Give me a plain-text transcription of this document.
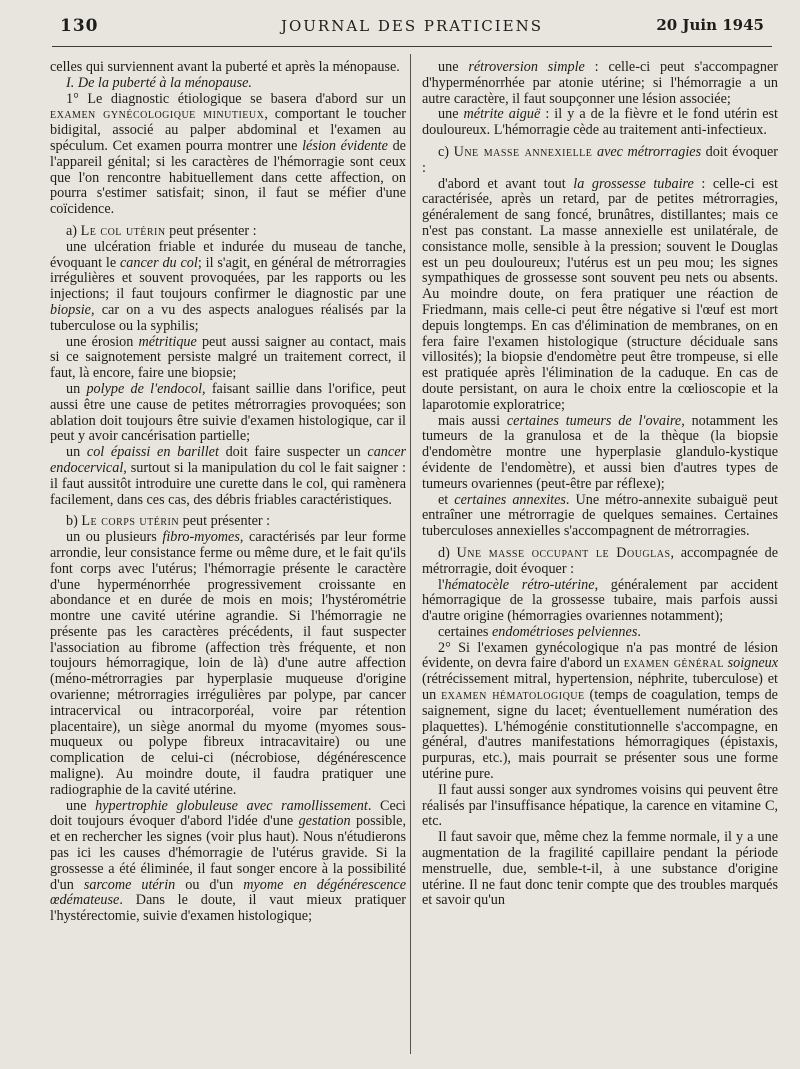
130	JOURNAL DES PRATICIENS	20 Juin 1945

celles qui surviennent avant la puberté et après la ménopause.

I. De la puberté à la ménopause.

1° Le diagnostic étiologique se basera d'abord sur un examen gynécologique minutieux, comportant le toucher bidigital, associé au palper abdominal et l'examen au spéculum. Cet examen pourra montrer une lésion évidente de l'appareil génital; si les caractères de l'hémorragie sont ceux que l'on rencontre habituellement dans cette affection, on pourra s'estimer satisfait; sinon, il faut se méfier d'une coïcidence.

a) Le col utérin peut présenter :

une ulcération friable et indurée du museau de tanche, évoquant le cancer du col; il s'agit, en général de métrorragies irrégulières et souvent provoquées, par les rapports ou les injections; il faut toujours confirmer le diagnostic par une biopsie, car on a vu des aspects analogues réalisés par la tuberculose ou la syphilis;

une érosion métritique peut aussi saigner au contact, mais si ce saignotement persiste malgré un traitement correct, il faut, là encore, faire une biopsie;

un polype de l'endocol, faisant saillie dans l'orifice, peut aussi être une cause de petites métrorragies provoquées; son ablation doit toujours être suivie d'examen histologique, car il peut y avoir cancérisation partielle;

un col épaissi en barillet doit faire suspecter un cancer endocervical, surtout si la manipulation du col le fait saigner : il faut aussitôt introduire une curette dans le col, qui ramènera facilement, dans ces cas, des débris friables caractéristiques.

b) Le corps utérin peut présenter :

un ou plusieurs fibro-myomes, caractérisés par leur forme arrondie, leur consistance ferme ou même dure, et le fait qu'ils font corps avec l'utérus; l'hémorragie présente le caractère d'une hyperménorrhée progressivement croissante en abondance et en durée de mois en mois; l'hystérométrie montre une cavité utérine agrandie. Si l'hémorragie ne présente pas les caractères précédents, il faut suspecter l'association au fibrome (affection très fréquente, et non toujours hémorragique, loin de là) d'une autre affection (méno-métrorragies par hyperplasie muqueuse d'origine ovarienne; métrorragies irrégulières par polype, par cancer intracervical ou intracorporéal, voire par rétention placentaire), un siège anormal du myome (myomes sous-muqueux ou polype fibreux intracavitaire) ou une complication de celui-ci (nécrobiose, dégénérescence maligne). Au moindre doute, il faudra pratiquer une radiographie de la cavité utérine.

une hypertrophie globuleuse avec ramollissement. Ceci doit toujours évoquer d'abord l'idée d'une gestation possible, et en rechercher les signes (voir plus haut). Nous n'étudierons pas ici les causes d'hémorragie de l'utérus gravide. Si la grossesse a été éliminée, il faut songer encore à la possibilité d'un sarcome utérin ou d'un myome en dégénérescence œdémateuse. Dans le doute, il vaut mieux pratiquer l'hystérectomie, suivie d'examen histologique;

une rétroversion simple : celle-ci peut s'accompagner d'hyperménorrhée par atonie utérine; si l'hémorragie a un autre caractère, il faut soupçonner une lésion associée;

une métrite aiguë : il y a de la fièvre et le fond utérin est douloureux. L'hémorragie cède au traitement anti-infectieux.

c) Une masse annexielle avec métrorragies doit évoquer :

d'abord et avant tout la grossesse tubaire : celle-ci est caractérisée, après un retard, par de petites métrorragies, généralement de sang foncé, brunâtres, distillantes; mais ce n'est pas constant. La masse annexielle est unilatérale, de consistance molle, sensible à la pression; souvent le Douglas est un peu douloureux; l'utérus est un peu mou; les signes sympathiques de grossesse sont souvent peu nets ou absents. Au moindre doute, on fera pratiquer une réaction de Friedmann, mais celle-ci peut être négative si l'œuf est mort depuis longtemps. En cas d'élimination de membranes, on en fera faire l'examen histologique (structure déciduale sans villosités); la biopsie d'endomètre peut être trompeuse, si elle est pratiquée après l'élimination de la caduque. En cas de doute persistant, on aura le choix entre la cœlioscopie et la laparotomie exploratrice;

mais aussi certaines tumeurs de l'ovaire, notamment les tumeurs de la granulosa et de la thèque (la biopsie d'endomètre montre une hyperplasie glandulo-kystique évidente de l'endomètre), et aussi bien d'autres types de tumeurs ovariennes (peut-être par réflexe);

et certaines annexites. Une métro-annexite subaiguë peut entraîner une métrorragie de quelques semaines. Certaines tuberculoses annexielles s'accompagnent de métrorragies.

d) Une masse occupant le Douglas, accompagnée de métrorragie, doit évoquer :

l'hématocèle rétro-utérine, généralement par accident hémorragique de la grossesse tubaire, mais parfois aussi d'autre origine (hémorragies ovariennes notamment);

certaines endométrioses pelviennes.

2° Si l'examen gynécologique n'a pas montré de lésion évidente, on devra faire d'abord un examen général soigneux (rétrécissement mitral, hypertension, néphrite, tuberculose) et un examen hématologique (temps de coagulation, temps de saignement, signe du lacet; éventuellement numération des plaquettes). L'hémogénie constitutionnelle s'accompagne, en général, d'autres manifestations hémorragiques (épistaxis, purpuras, etc.), mais pourrait se présenter sous une forme utérine pure.

Il faut aussi songer aux syndromes voisins qui peuvent être réalisés par l'insuffisance hépatique, la carence en vitamine C, etc.

Il faut savoir que, même chez la femme normale, il y a une augmentation de la fragilité capillaire pendant la période menstruelle, due, semble-t-il, à une substance d'origine utérine. Il ne faut donc tenir compte que des troubles marqués et savoir qu'un
